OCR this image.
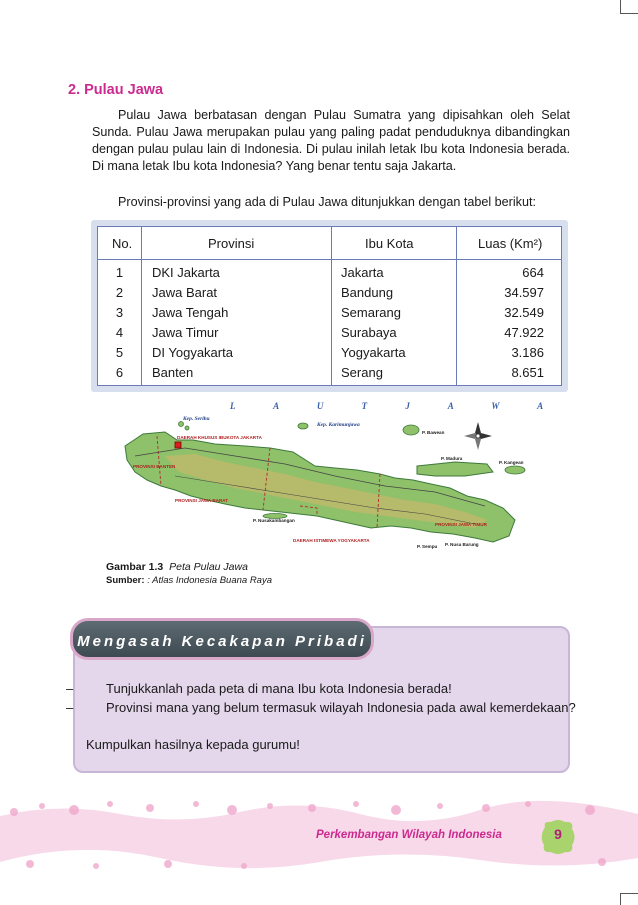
2. Pulau Jawa
Pulau Jawa berbatasan dengan Pulau Sumatra yang dipisahkan oleh Selat Sunda. Pulau Jawa merupakan pulau yang paling padat penduduknya dibandingkan dengan pulau pulau lain di Indonesia. Di pulau inilah letak Ibu kota Indonesia berada. Di mana letak Ibu kota Indonesia? Yang benar tentu saja Jakarta.
Provinsi-provinsi yang ada di Pulau Jawa ditunjukkan dengan tabel berikut:
No.	Provinsi	Ibu Kota	Luas (Km²)
1	DKI Jakarta	Jakarta	664
2	Jawa Barat	Bandung	34.597
3	Jawa Tengah	Semarang	32.549
4	Jawa Timur	Surabaya	47.922
5	DI Yogyakarta	Yogyakarta	3.186
6	Banten	Serang	8.651
L A U T J A W A
Kep. Seribu
Kep. Karimunjawa
DAERAH KHUSUS IBUKOTA JAKARTA
PROVINSI BANTEN
PROVINSI JAWA BARAT
P. Bawean
P. Madura
P. Kangean
P. Nusakambangan
DAERAH ISTIMEWA YOGYAKARTA
PROVINSI JAWA TIMUR
P. Sempu P. Nusa Barung
Gambar 1.3 Peta Pulau Jawa
Sumber: : Atlas Indonesia Buana Raya
Mengasah Kecakapan Pribadi
–	Tunjukkanlah pada peta di mana Ibu kota Indonesia berada!
–	Provinsi mana yang belum termasuk wilayah Indonesia pada awal kemerdekaan?
Kumpulkan hasilnya kepada gurumu!
Perkembangan Wilayah Indonesia	9
